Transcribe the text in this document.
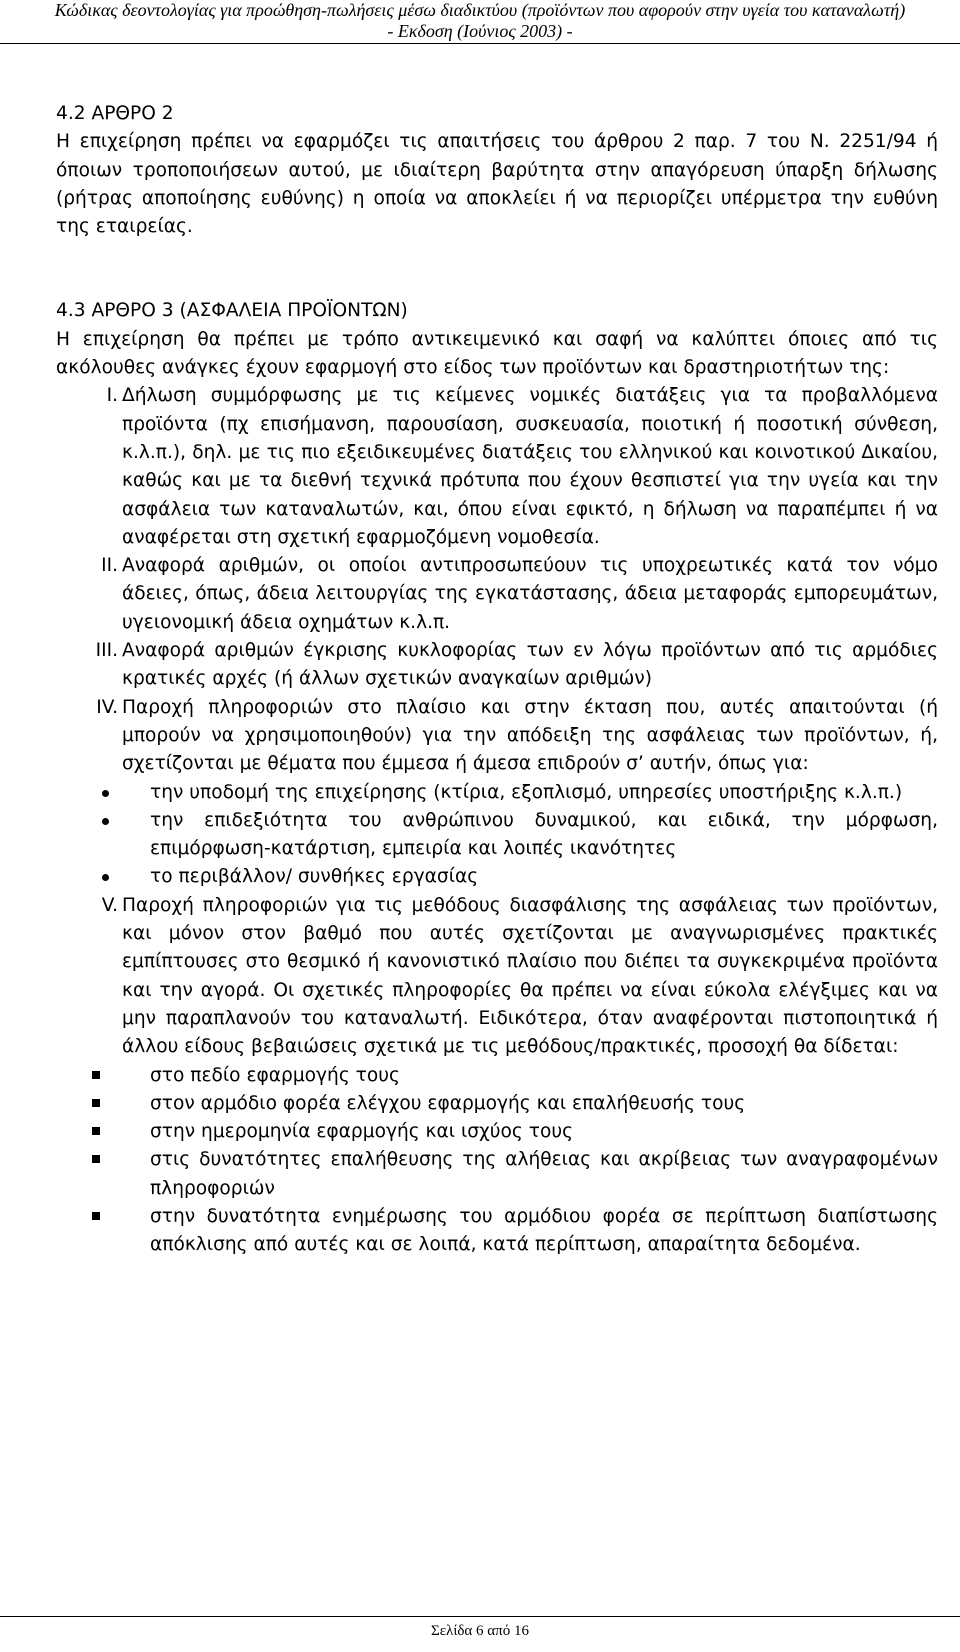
Κώδικας δεοντολογίας για προώθηση-πωλήσεις μέσω διαδικτύου (προϊόντων που αφορούν στην υγεία του καταναλωτή)
- Εκδοση (Ιούνιος 2003) -

4.2 ΑΡΘΡΟ 2

Η επιχείρηση πρέπει να εφαρμόζει τις απαιτήσεις του άρθρου 2 παρ. 7 του Ν. 2251/94 ή όποιων τροποποιήσεων αυτού, με ιδιαίτερη βαρύτητα στην απαγόρευση ύπαρξη δήλωσης (ρήτρας αποποίησης ευθύνης) η οποία να αποκλείει ή να περιορίζει υπέρμετρα την ευθύνη της εταιρείας.

4.3 ΑΡΘΡΟ 3 (ΑΣΦΑΛΕΙΑ ΠΡΟΪΟΝΤΩΝ)

Η επιχείρηση θα πρέπει με τρόπο αντικειμενικό και σαφή να καλύπτει όποιες από τις ακόλουθες ανάγκες έχουν εφαρμογή στο είδος των προϊόντων και δραστηριοτήτων της:

I. Δήλωση συμμόρφωσης με τις κείμενες νομικές διατάξεις για τα προβαλλόμενα προϊόντα (πχ επισήμανση, παρουσίαση, συσκευασία, ποιοτική ή ποσοτική σύνθεση, κ.λ.π.), δηλ. με τις πιο εξειδικευμένες διατάξεις του ελληνικού και κοινοτικού Δικαίου, καθώς και με τα διεθνή τεχνικά πρότυπα που έχουν θεσπιστεί για την υγεία και την ασφάλεια των καταναλωτών, και, όπου είναι εφικτό, η δήλωση να παραπέμπει ή να αναφέρεται στη σχετική εφαρμοζόμενη νομοθεσία.
II. Αναφορά αριθμών, οι οποίοι αντιπροσωπεύουν τις υποχρεωτικές κατά τον νόμο άδειες, όπως, άδεια λειτουργίας της εγκατάστασης, άδεια μεταφοράς εμπορευμάτων, υγειονομική άδεια οχημάτων κ.λ.π.
III. Αναφορά αριθμών έγκρισης κυκλοφορίας των εν λόγω προϊόντων από τις αρμόδιες κρατικές αρχές (ή άλλων σχετικών αναγκαίων αριθμών)
IV. Παροχή πληροφοριών στο πλαίσιο και στην έκταση που, αυτές απαιτούνται (ή μπορούν να χρησιμοποιηθούν) για την απόδειξη της ασφάλειας των προϊόντων, ή, σχετίζονται με θέματα που έμμεσα ή άμεσα επιδρούν σ’ αυτήν, όπως για:
την υποδομή της επιχείρησης (κτίρια, εξοπλισμό, υπηρεσίες υποστήριξης κ.λ.π.)
την επιδεξιότητα του ανθρώπινου δυναμικού, και ειδικά, την μόρφωση, επιμόρφωση-κατάρτιση, εμπειρία και λοιπές ικανότητες
το περιβάλλον/ συνθήκες εργασίας
V. Παροχή πληροφοριών για τις μεθόδους διασφάλισης της ασφάλειας των προϊόντων, και μόνον στον βαθμό που αυτές σχετίζονται με αναγνωρισμένες πρακτικές εμπίπτουσες στο θεσμικό ή κανονιστικό πλαίσιο που διέπει τα συγκεκριμένα προϊόντα και την αγορά. Οι σχετικές πληροφορίες θα πρέπει να είναι εύκολα ελέγξιμες και να μην παραπλανούν του καταναλωτή. Ειδικότερα, όταν αναφέρονται πιστοποιητικά ή άλλου είδους βεβαιώσεις σχετικά με τις μεθόδους/πρακτικές, προσοχή θα δίδεται:
στο πεδίο εφαρμογής τους
στον αρμόδιο φορέα ελέγχου εφαρμογής και επαλήθευσής τους
στην ημερομηνία εφαρμογής και ισχύος τους
στις δυνατότητες επαλήθευσης της αλήθειας και ακρίβειας των αναγραφομένων πληροφοριών
στην δυνατότητα ενημέρωσης του αρμόδιου φορέα σε περίπτωση διαπίστωσης απόκλισης από αυτές και σε λοιπά, κατά περίπτωση, απαραίτητα δεδομένα.
Σελίδα 6 από 16
